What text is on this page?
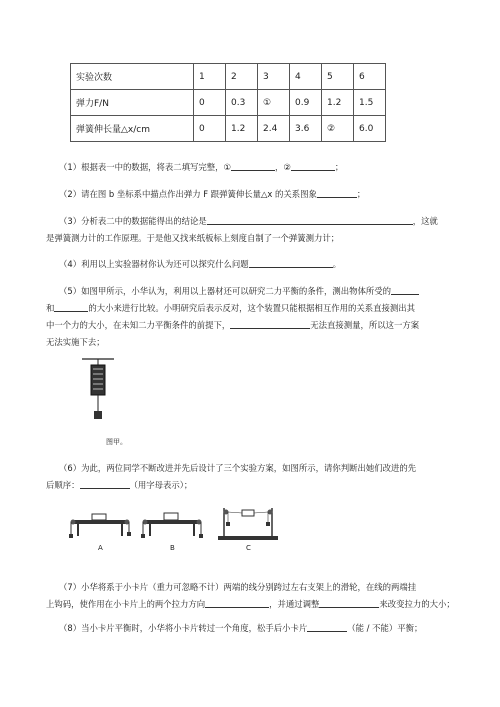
实验次数	1	2	3	4	5	6
弹力F/N	0	0.3	①	0.9	1.2	1.5
弹簧伸长量△x/cm	0	1.2	2.4	3.6	②	6.0
（1）根据表一中的数据，将表二填写完整，①	，②	；
（2）请在图 b 坐标系中描点作出弹力 F 跟弹簧伸长量△x 的关系图象	；
（3）分析表二中的数据能得出的结论是	，这就
是弹簧测力计的工作原理。于是他又找来纸板标上刻度自制了一个弹簧测力计；
（4）利用以上实验器材你认为还可以探究什么问题	。
（5）如图甲所示，小华认为，利用以上器材还可以研究二力平衡的条件，测出物体所受的
和	的大小来进行比较。小明研究后表示反对，这个装置只能根据相互作用的关系直接测出其
中一个力的大小，在未知二力平衡条件的前提下，	无法直接测量，所以这一方案
无法实施下去；
图甲。
（6）为此，两位同学不断改进并先后设计了三个实验方案，如图所示，请你判断出她们改进的先
后顺序：	（用字母表示）；
A	B	C
（7）小华将系于小卡片（重力可忽略不计）两端的线分别跨过左右支架上的滑轮，在线的两端挂
上钩码，使作用在小卡片上的两个拉力方向	，并通过调整	来改变拉力的大小；
（8）当小卡片平衡时，小华将小卡片转过一个角度，松手后小卡片	（能 / 不能）平衡；
